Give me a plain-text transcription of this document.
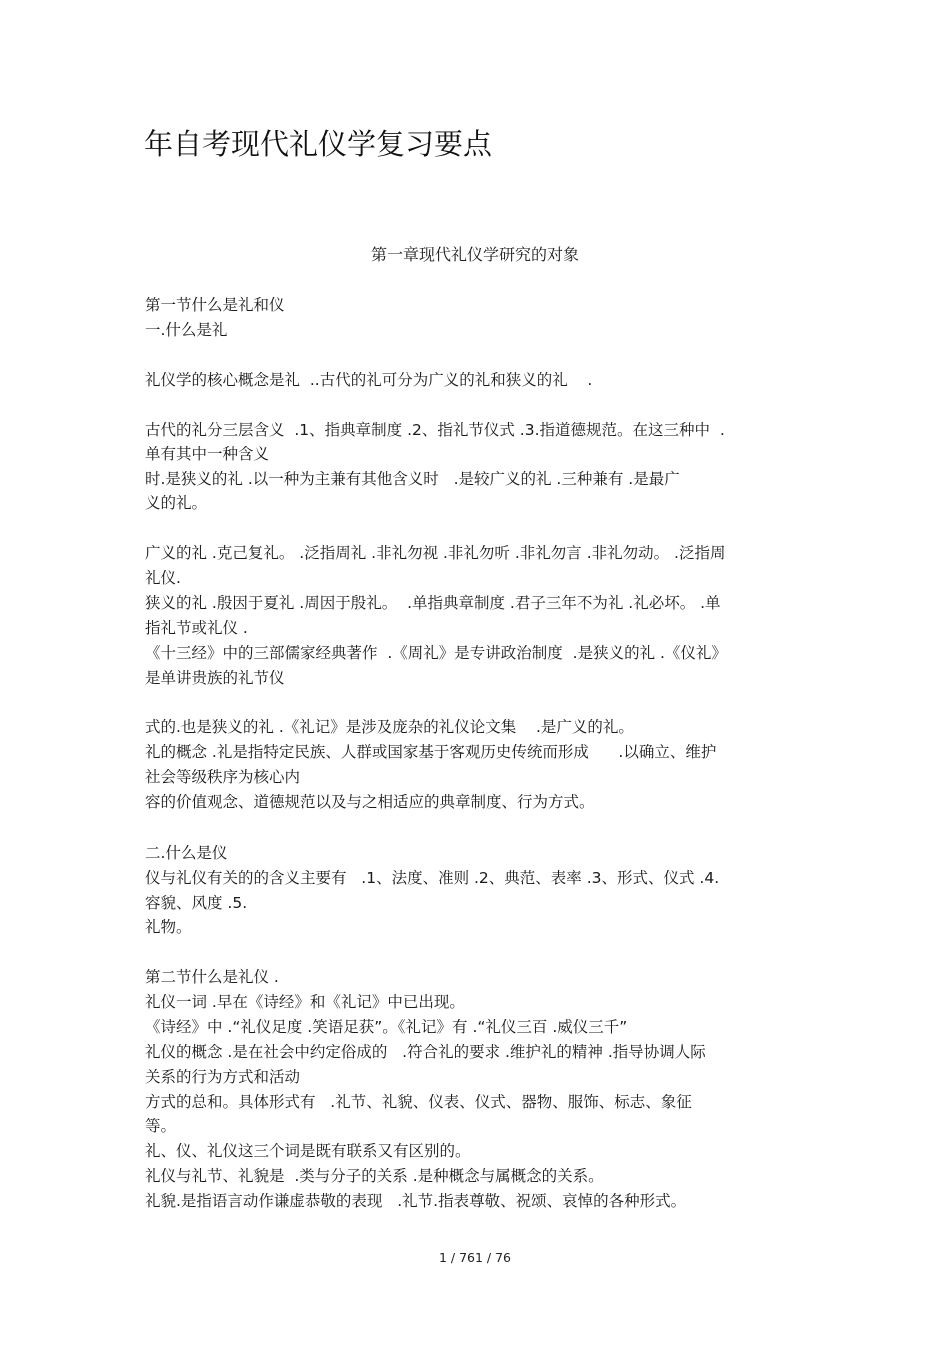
年自考现代礼仪学复习要点
第一章现代礼仪学研究的对象
第一节什么是礼和仪
一.什么是礼
礼仪学的核心概念是礼  ..古代的礼可分为广义的礼和狭义的礼    .
古代的礼分三层含义  .1、指典章制度 .2、指礼节仪式 .3.指道德规范。在这三种中  .
单有其中一种含义
时.是狭义的礼 .以一种为主兼有其他含义时   .是较广义的礼 .三种兼有 .是最广
义的礼。
广义的礼 .克己复礼。 .泛指周礼 .非礼勿视 .非礼勿听 .非礼勿言 .非礼勿动。 .泛指周
礼仪.
狭义的礼 .殷因于夏礼 .周因于殷礼。  .单指典章制度 .君子三年不为礼 .礼必坏。 .单
指礼节或礼仪 .
《十三经》中的三部儒家经典著作  .《周礼》是专讲政治制度  .是狭义的礼 .《仪礼》
是单讲贵族的礼节仪
式的.也是狭义的礼 .《礼记》是涉及庞杂的礼仪论文集    .是广义的礼。
礼的概念 .礼是指特定民族、人群或国家基于客观历史传统而形成      .以确立、维护
社会等级秩序为核心内
容的价值观念、道德规范以及与之相适应的典章制度、行为方式。
二.什么是仪
仪与礼仪有关的的含义主要有   .1、法度、准则 .2、典范、表率 .3、形式、仪式 .4.
容貌、风度 .5.
礼物。
第二节什么是礼仪 .
礼仪一词 .早在《诗经》和《礼记》中已出现。
《诗经》中 .“礼仪足度 .笑语足获”。《礼记》有 .“礼仪三百 .威仪三千”
礼仪的概念 .是在社会中约定俗成的   .符合礼的要求 .维护礼的精神 .指导协调人际
关系的行为方式和活动
方式的总和。具体形式有   .礼节、礼貌、仪表、仪式、器物、服饰、标志、象征
等。
礼、仪、礼仪这三个词是既有联系又有区别的。
礼仪与礼节、礼貌是  .类与分子的关系 .是种概念与属概念的关系。
礼貌.是指语言动作谦虚恭敬的表现   .礼节.指表尊敬、祝颂、哀悼的各种形式。
1 / 761 / 76
